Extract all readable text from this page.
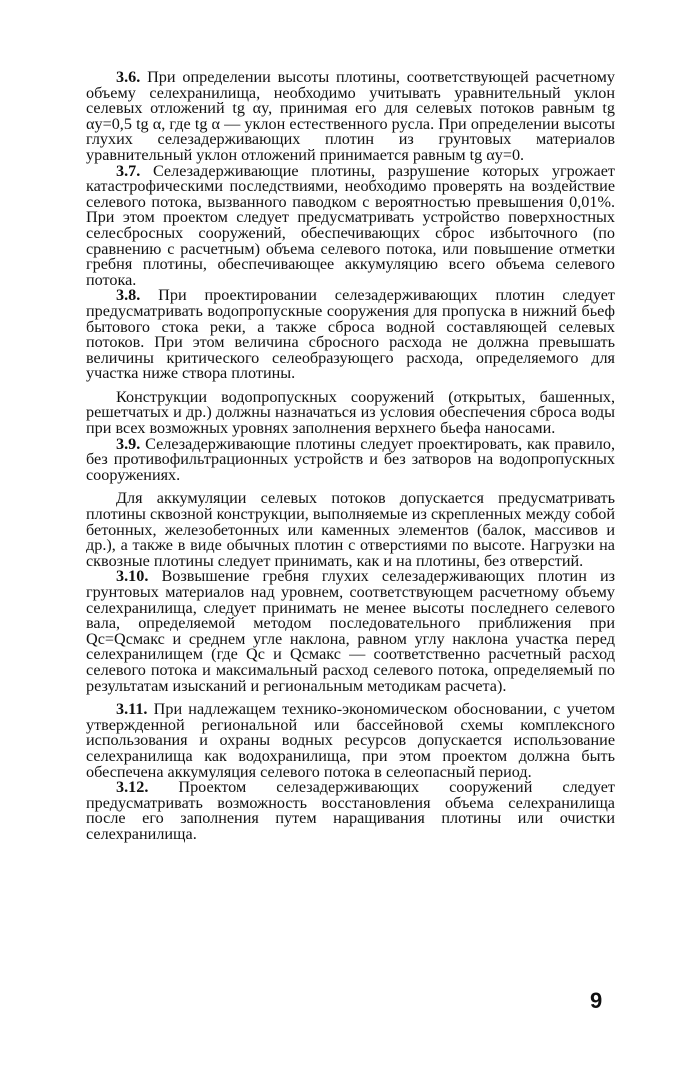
3.6. При определении высоты плотины, соответствующей расчетному объему селехранилища, необходимо учитывать уравнительный уклон селевых отложений tg αy, принимая его для селевых потоков равным tg αy=0,5 tg α, где tg α — уклон естественного русла. При определении высоты глухих селезадерживающих плотин из грунтовых материалов уравнительный уклон отложений принимается равным tg αy=0.

3.7. Селезадерживающие плотины, разрушение которых угрожает катастрофическими последствиями, необходимо проверять на воздействие селевого потока, вызванного паводком с вероятностью превышения 0,01%. При этом проектом следует предусматривать устройство поверхностных селесбросных сооружений, обеспечивающих сброс избыточного (по сравнению с расчетным) объема селевого потока, или повышение отметки гребня плотины, обеспечивающее аккумуляцию всего объема селевого потока.

3.8. При проектировании селезадерживающих плотин следует предусматривать водопропускные сооружения для пропуска в нижний бьеф бытового стока реки, а также сброса водной составляющей селевых потоков. При этом величина сбросного расхода не должна превышать величины критического селеобразующего расхода, определяемого для участка ниже створа плотины.

Конструкции водопропускных сооружений (открытых, башенных, решетчатых и др.) должны назначаться из условия обеспечения сброса воды при всех возможных уровнях заполнения верхнего бьефа наносами.

3.9. Селезадерживающие плотины следует проектировать, как правило, без противофильтрационных устройств и без затворов на водопропускных сооружениях.

Для аккумуляции селевых потоков допускается предусматривать плотины сквозной конструкции, выполняемые из скрепленных между собой бетонных, железобетонных или каменных элементов (балок, массивов и др.), а также в виде обычных плотин с отверстиями по высоте. Нагрузки на сквозные плотины следует принимать, как и на плотины, без отверстий.

3.10. Возвышение гребня глухих селезадерживающих плотин из грунтовых материалов над уровнем, соответствующем расчетному объему селехранилища, следует принимать не менее высоты последнего селевого вала, определяемой методом последовательного приближения при Qc=Qcмакс и среднем угле наклона, равном углу наклона участка перед селехранилищем (где Qc и Qcмакс — соответственно расчетный расход селевого потока и максимальный расход селевого потока, определяемый по результатам изысканий и региональным методикам расчета).

3.11. При надлежащем технико-экономическом обосновании, с учетом утвержденной региональной или бассейновой схемы комплексного использования и охраны водных ресурсов допускается использование селехранилища как водохранилища, при этом проектом должна быть обеспечена аккумуляция селевого потока в селеопасный период.

3.12. Проектом селезадерживающих сооружений следует предусматривать возможность восстановления объема селехранилища после его заполнения путем наращивания плотины или очистки селехранилища.

9
